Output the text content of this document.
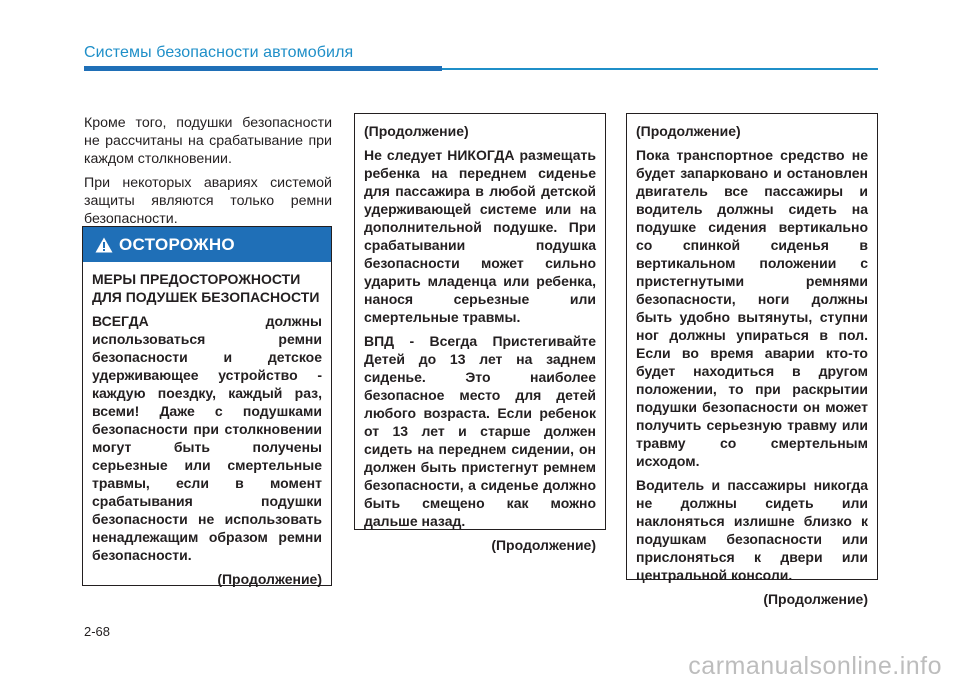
Системы безопасности автомобиля

Кроме того, подушки безопасности не рассчитаны на срабатывание при каждом столкновении.

При некоторых авариях системой защиты являются только ремни безопасности.

ОСТОРОЖНО

МЕРЫ ПРЕДОСТОРОЖНОСТИ ДЛЯ ПОДУШЕК БЕЗОПАСНОСТИ

ВСЕГДА должны использоваться ремни безопасности и детское удерживающее устройство - каждую поездку, каждый раз, всеми! Даже с подушками безопасности при столкновении могут быть получены серьезные или смертельные травмы, если в момент срабатывания подушки безопасности не использовать ненадлежащим образом ремни безопасности.

(Продолжение)

(Продолжение)

Не следует НИКОГДА размещать ребенка на переднем сиденье для пассажира в любой детской удерживающей системе или на дополнительной подушке. При срабатывании подушка безопасности может сильно ударить младенца или ребенка, нанося серьезные или смертельные травмы.

ВПД - Всегда Пристегивайте Детей до 13 лет на заднем сиденье. Это наиболее безопасное место для детей любого возраста. Если ребенок от 13 лет и старше должен сидеть на переднем сидении, он должен быть пристегнут ремнем безопасности, а сиденье должно быть смещено как можно дальше назад.

(Продолжение)

(Продолжение)

Пока транспортное средство не будет запарковано и остановлен двигатель все пассажиры и водитель должны сидеть на подушке сидения вертикально со спинкой сиденья в вертикальном положении с пристегнутыми ремнями безопасности, ноги должны быть удобно вытянуты, ступни ног должны упираться в пол. Если во время аварии кто-то будет находиться в другом положении, то при раскрытии подушки безопасности он может получить серьезную травму или травму со смертельным исходом.

Водитель и пассажиры никогда не должны сидеть или наклоняться излишне близко к подушкам безопасности или прислоняться к двери или центральной консоли.

(Продолжение)
2-68
carmanualsonline.info
